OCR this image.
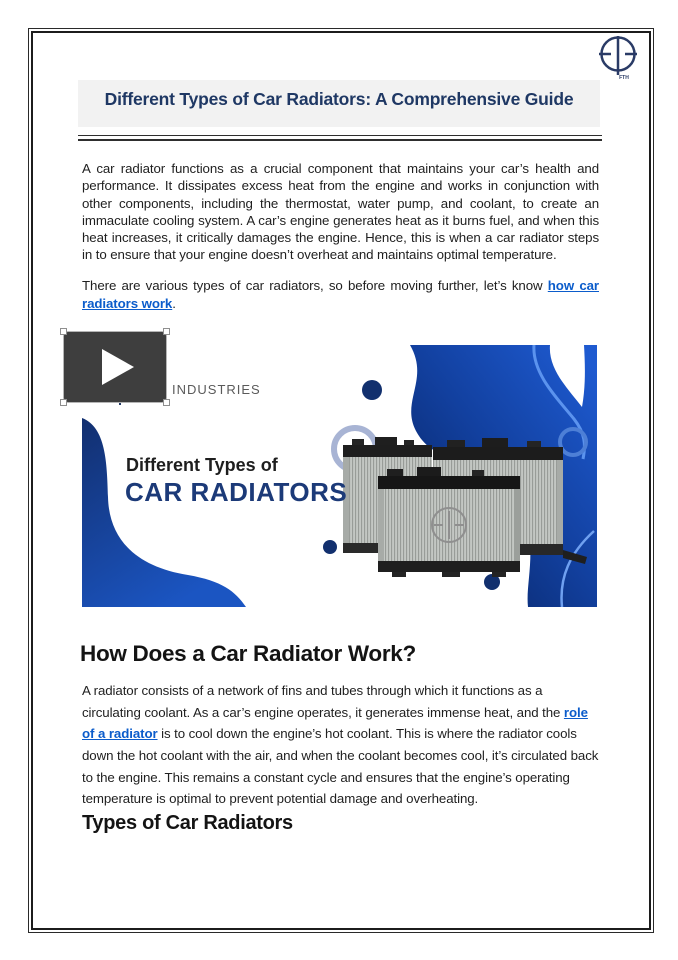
FTH
Different Types of Car Radiators: A Comprehensive Guide
A car radiator functions as a crucial component that maintains your car’s health and performance. It dissipates excess heat from the engine and works in conjunction with other components, including the thermostat, water pump, and coolant, to create an immaculate cooling system. A car’s engine generates heat as it burns fuel, and when this heat increases, it critically damages the engine. Hence, this is when a car radiator steps in to ensure that your engine doesn’t overheat and maintains optimal temperature.
There are various types of car radiators, so before moving further, let’s know how car radiators work.
INDUSTRIES
Different Types of
CAR RADIATORS
How Does a Car Radiator Work?
A radiator consists of a network of fins and tubes through which it functions as a circulating coolant. As a car’s engine operates, it generates immense heat, and the role of a radiator is to cool down the engine’s hot coolant. This is where the radiator cools down the hot coolant with the air, and when the coolant becomes cool, it’s circulated back to the engine. This remains a constant cycle and ensures that the engine’s operating temperature is optimal to prevent potential damage and overheating.
Types of Car Radiators
